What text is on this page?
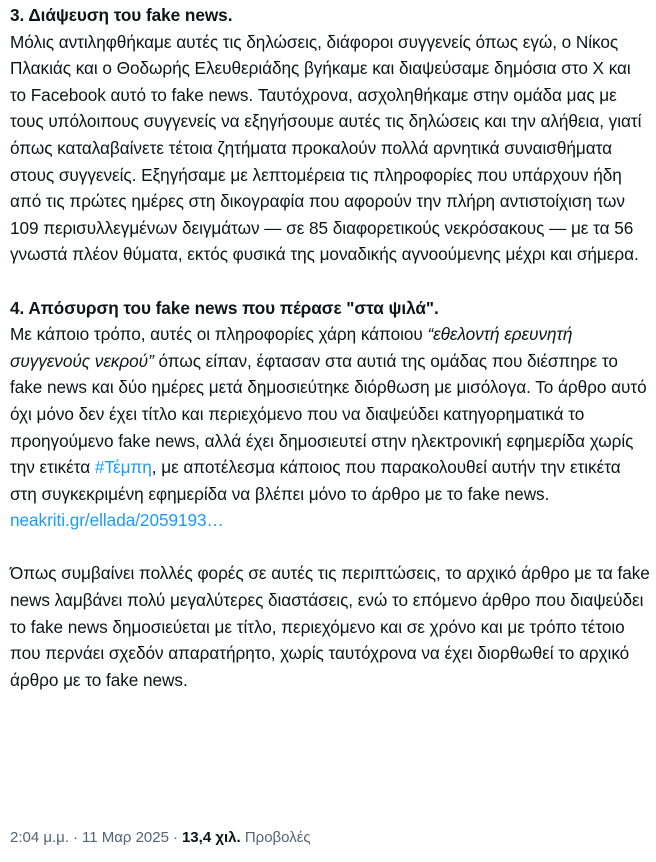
3. Διάψευση του fake news.
Μόλις αντιληφθήκαμε αυτές τις δηλώσεις, διάφοροι συγγενείς όπως εγώ, ο Νίκος Πλακιάς και ο Θοδωρής Ελευθεριάδης βγήκαμε και διαψεύσαμε δημόσια στο X και το Facebook αυτό το fake news. Ταυτόχρονα, ασχοληθήκαμε στην ομάδα μας με τους υπόλοιπους συγγενείς να εξηγήσουμε αυτές τις δηλώσεις και την αλήθεια, γιατί όπως καταλαβαίνετε τέτοια ζητήματα προκαλούν πολλά αρνητικά συναισθήματα στους συγγενείς. Εξηγήσαμε με λεπτομέρεια τις πληροφορίες που υπάρχουν ήδη από τις πρώτες ημέρες στη δικογραφία που αφορούν την πλήρη αντιστοίχιση των 109 περισυλλεγμένων δειγμάτων — σε 85 διαφορετικούς νεκρόσακους — με τα 56 γνωστά πλέον θύματα, εκτός φυσικά της μοναδικής αγνοούμενης μέχρι και σήμερα.

4. Απόσυρση του fake news που πέρασε "στα ψιλά".
Με κάποιο τρόπο, αυτές οι πληροφορίες χάρη κάποιου “εθελοντή ερευνητή συγγενούς νεκρού” όπως είπαν, έφτασαν στα αυτιά της ομάδας που διέσπηρε το fake news και δύο ημέρες μετά δημοσιεύτηκε διόρθωση με μισόλογα. Το άρθρο αυτό όχι μόνο δεν έχει τίτλο και περιεχόμενο που να διαψεύδει κατηγορηματικά το προηγούμενο fake news, αλλά έχει δημοσιευτεί στην ηλεκτρονική εφημερίδα χωρίς την ετικέτα #Τέμπη, με αποτέλεσμα κάποιος που παρακολουθεί αυτήν την ετικέτα στη συγκεκριμένη εφημερίδα να βλέπει μόνο το άρθρο με το fake news.
neakriti.gr/ellada/2059193…

Όπως συμβαίνει πολλές φορές σε αυτές τις περιπτώσεις, το αρχικό άρθρο με τα fake news λαμβάνει πολύ μεγαλύτερες διαστάσεις, ενώ το επόμενο άρθρο που διαψεύδει το fake news δημοσιεύεται με τίτλο, περιεχόμενο και σε χρόνο και με τρόπο τέτοιο που περνάει σχεδόν απαρατήρητο, χωρίς ταυτόχρονα να έχει διορθωθεί το αρχικό άρθρο με το fake news.

2:04 μ.μ. · 11 Μαρ 2025 · 13,4 χιλ. Προβολές
